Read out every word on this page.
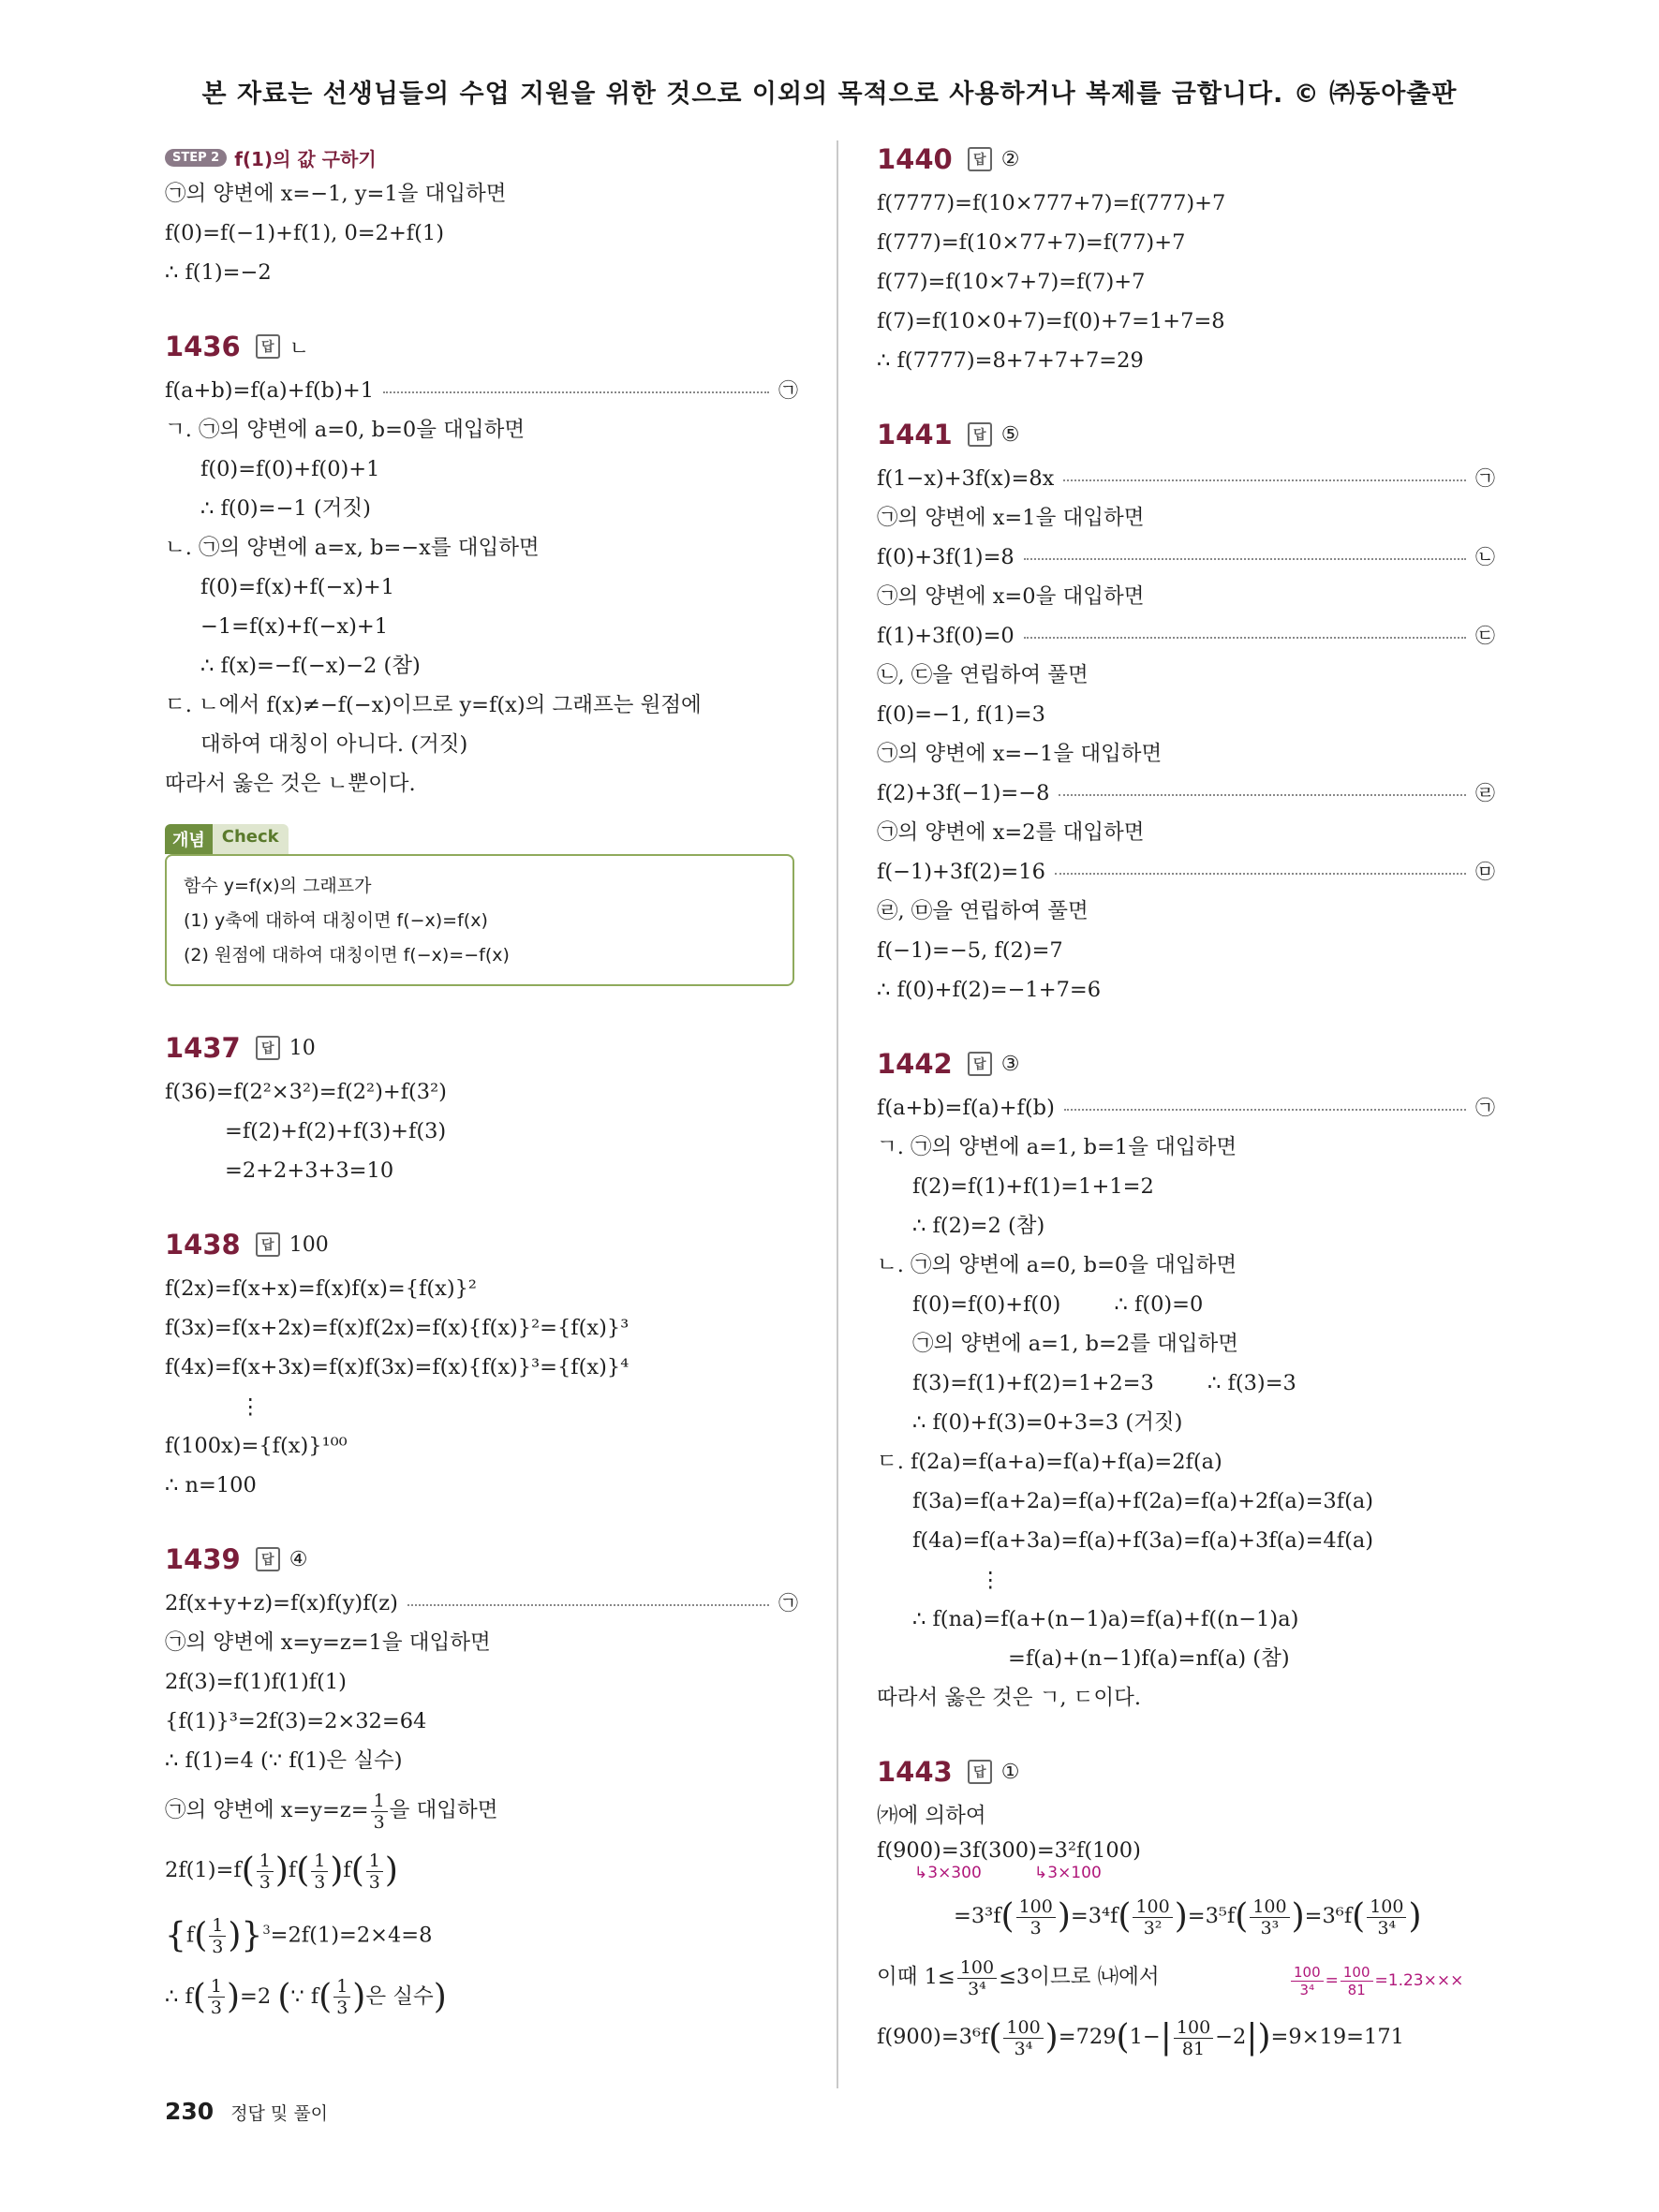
본 자료는 선생님들의 수업 지원을 위한 것으로 이외의 목적으로 사용하거나 복제를 금합니다. © ㈜동아출판
STEP 2 f(1)의 값 구하기
㉠의 양변에 x=−1, y=1을 대입하면
f(0)=f(−1)+f(1), 0=2+f(1)
∴ f(1)=−2
1436	답 ㄴ
f(a+b)=f(a)+f(b)+1	㉠
ㄱ. ㉠의 양변에 a=0, b=0을 대입하면
f(0)=f(0)+f(0)+1
∴ f(0)=−1 (거짓)
ㄴ. ㉠의 양변에 a=x, b=−x를 대입하면
f(0)=f(x)+f(−x)+1
−1=f(x)+f(−x)+1
∴ f(x)=−f(−x)−2 (참)
ㄷ. ㄴ에서 f(x)≠−f(−x)이므로 y=f(x)의 그래프는 원점에
대하여 대칭이 아니다. (거짓)
따라서 옳은 것은 ㄴ뿐이다.
개념	Check
함수 y=f(x)의 그래프가
(1) y축에 대하여 대칭이면 f(−x)=f(x)
(2) 원점에 대하여 대칭이면 f(−x)=−f(x)
1437	답 10
f(36)=f(2²×3²)=f(2²)+f(3²)
=f(2)+f(2)+f(3)+f(3)
=2+2+3+3=10
1438	답 100
f(2x)=f(x+x)=f(x)f(x)={f(x)}²
f(3x)=f(x+2x)=f(x)f(2x)=f(x){f(x)}²={f(x)}³
f(4x)=f(x+3x)=f(x)f(3x)=f(x){f(x)}³={f(x)}⁴
⋮
f(100x)={f(x)}¹⁰⁰
∴ n=100
1439	답 ④
2f(x+y+z)=f(x)f(y)f(z)	㉠
㉠의 양변에 x=y=z=1을 대입하면
2f(3)=f(1)f(1)f(1)
{f(1)}³=2f(3)=2×32=64
∴ f(1)=4 (∵ f(1)은 실수)
㉠의 양변에 $x=y=z= \frac{1}{3}$ 을 대입하면
$2f(1)=f( \frac{1}{3} )f( \frac{1}{3} )f( \frac{1}{3}$ )
$\{f( \frac{1}{3} )\}^3=2f(1)=2\times 4=8$
∴ $f( \frac{1}{3} )=2$ (∵ $f( \frac{1}{3}$ )은 실수)
1440	답 ②
f(7777)=f(10×777+7)=f(777)+7
f(777)=f(10×77+7)=f(77)+7
f(77)=f(10×7+7)=f(7)+7
f(7)=f(10×0+7)=f(0)+7=1+7=8
∴ f(7777)=8+7+7+7=29
1441	답 ⑤
f(1−x)+3f(x)=8x	㉠
㉠의 양변에 x=1을 대입하면
f(0)+3f(1)=8	㉡
㉠의 양변에 x=0을 대입하면
f(1)+3f(0)=0	㉢
㉡, ㉢을 연립하여 풀면
f(0)=−1, f(1)=3
㉠의 양변에 x=−1을 대입하면
f(2)+3f(−1)=−8	㉣
㉠의 양변에 x=2를 대입하면
f(−1)+3f(2)=16	㉤
㉣, ㉤을 연립하여 풀면
f(−1)=−5, f(2)=7
∴ f(0)+f(2)=−1+7=6
1442	답 ③
f(a+b)=f(a)+f(b)	㉠
ㄱ. ㉠의 양변에 a=1, b=1을 대입하면
f(2)=f(1)+f(1)=1+1=2
∴ f(2)=2 (참)
ㄴ. ㉠의 양변에 a=0, b=0을 대입하면
f(0)=f(0)+f(0)        ∴ f(0)=0
㉠의 양변에 a=1, b=2를 대입하면
f(3)=f(1)+f(2)=1+2=3        ∴ f(3)=3
∴ f(0)+f(3)=0+3=3 (거짓)
ㄷ. f(2a)=f(a+a)=f(a)+f(a)=2f(a)
f(3a)=f(a+2a)=f(a)+f(2a)=f(a)+2f(a)=3f(a)
f(4a)=f(a+3a)=f(a)+f(3a)=f(a)+3f(a)=4f(a)
⋮
∴ f(na)=f(a+(n−1)a)=f(a)+f((n−1)a)
=f(a)+(n−1)f(a)=nf(a) (참)
따라서 옳은 것은 ㄱ, ㄷ이다.
1443	답 ①
㈎에 의하여
f(900)=3f(300)=3²f(100)
↳3×300	↳3×100
$=3^3f( \frac{100}{3} )=3^4f( \frac{100}{\text{3²}} )=3^5f( \frac{100}{\text{3³}} )=3^6f( \frac{100}{\text{3⁴}}$ )
이때 $1\le \frac{100}{\text{3⁴}} \le 3$이므로 ㈏에서	$\frac{100}{\text{3⁴}} = \frac{100}{81} =1.23\times\times\times$
$f(900)=3^6f( \frac{100}{\text{3⁴}} )=729(1-| \frac{100}{81} -2|)=9\times 19=171$
230 정답 및 풀이
